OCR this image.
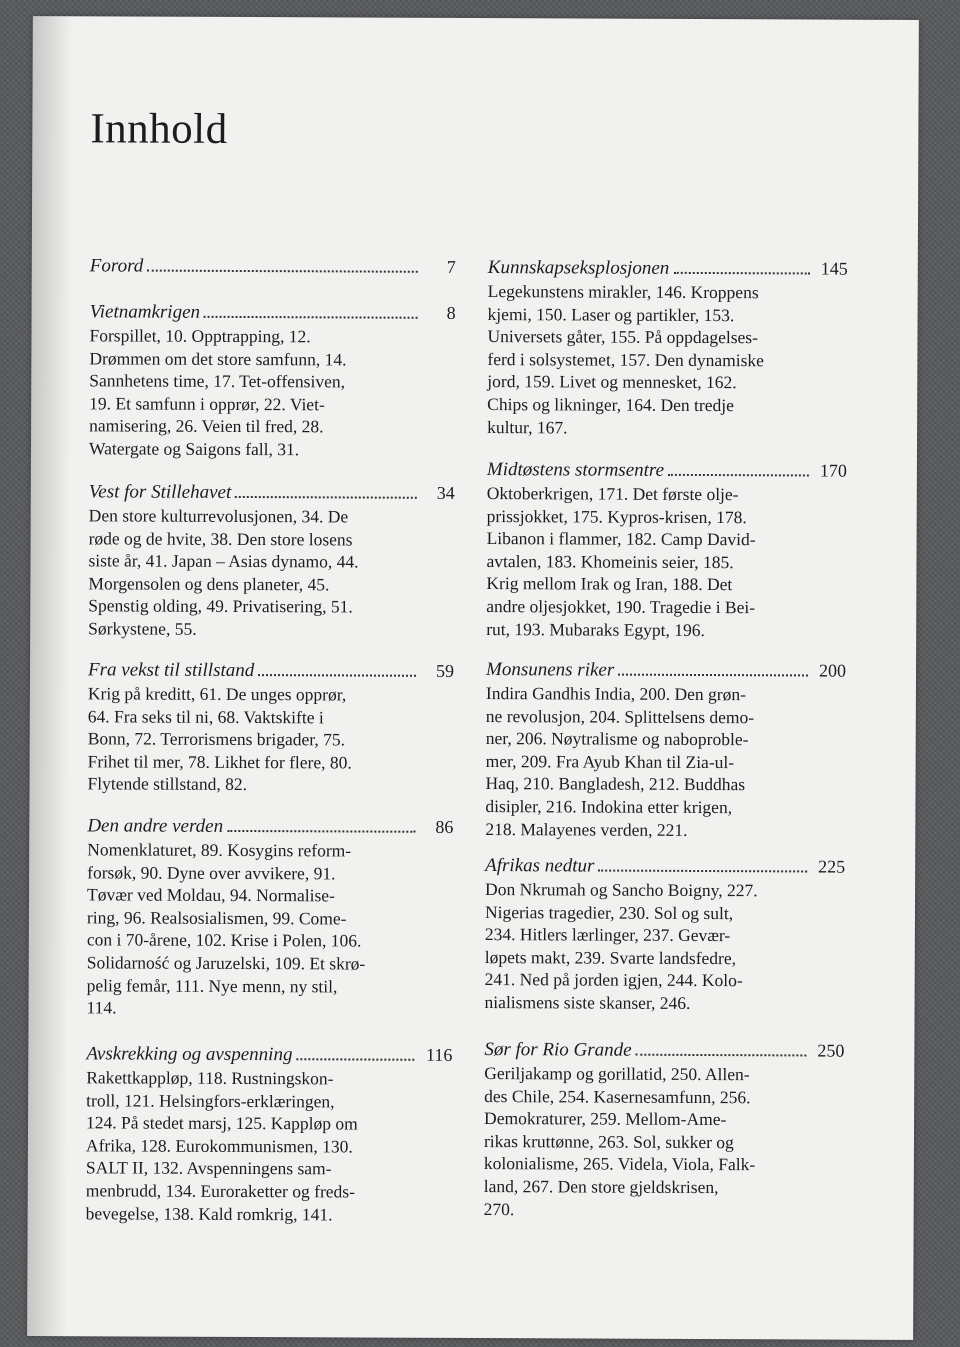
Innhold
Forord	7
Vietnamkrigen	8
Forspillet, 10. Opptrapping, 12.
Drømmen om det store samfunn, 14.
Sannhetens time, 17. Tet-offensiven,
19. Et samfunn i opprør, 22. Viet-
namisering, 26. Veien til fred, 28.
Watergate og Saigons fall, 31.
Vest for Stillehavet	34
Den store kulturrevolusjonen, 34. De
røde og de hvite, 38. Den store losens
siste år, 41. Japan – Asias dynamo, 44.
Morgensolen og dens planeter, 45.
Spenstig olding, 49. Privatisering, 51.
Sørkystene, 55.
Fra vekst til stillstand	59
Krig på kreditt, 61. De unges opprør,
64. Fra seks til ni, 68. Vaktskifte i
Bonn, 72. Terrorismens brigader, 75.
Frihet til mer, 78. Likhet for flere, 80.
Flytende stillstand, 82.
Den andre verden	86
Nomenklaturet, 89. Kosygins reform-
forsøk, 90. Dyne over avvikere, 91.
Tøvær ved Moldau, 94. Normalise-
ring, 96. Realsosialismen, 99. Come-
con i 70-årene, 102. Krise i Polen, 106.
Solidarność og Jaruzelski, 109. Et skrø-
pelig femår, 111. Nye menn, ny stil,
114.
Avskrekking og avspenning	116
Rakettkappløp, 118. Rustningskon-
troll, 121. Helsingfors-erklæringen,
124. På stedet marsj, 125. Kappløp om
Afrika, 128. Eurokommunismen, 130.
SALT II, 132. Avspenningens sam-
menbrudd, 134. Euroraketter og freds-
bevegelse, 138. Kald romkrig, 141.
Kunnskapseksplosjonen	145
Legekunstens mirakler, 146. Kroppens
kjemi, 150. Laser og partikler, 153.
Universets gåter, 155. På oppdagelses-
ferd i solsystemet, 157. Den dynamiske
jord, 159. Livet og mennesket, 162.
Chips og likninger, 164. Den tredje
kultur, 167.
Midtøstens stormsentre	170
Oktoberkrigen, 171. Det første olje-
prissjokket, 175. Kypros-krisen, 178.
Libanon i flammer, 182. Camp David-
avtalen, 183. Khomeinis seier, 185.
Krig mellom Irak og Iran, 188. Det
andre oljesjokket, 190. Tragedie i Bei-
rut, 193. Mubaraks Egypt, 196.
Monsunens riker	200
Indira Gandhis India, 200. Den grøn-
ne revolusjon, 204. Splittelsens demo-
ner, 206. Nøytralisme og naboproble-
mer, 209. Fra Ayub Khan til Zia-ul-
Haq, 210. Bangladesh, 212. Buddhas
disipler, 216. Indokina etter krigen,
218. Malayenes verden, 221.
Afrikas nedtur	225
Don Nkrumah og Sancho Boigny, 227.
Nigerias tragedier, 230. Sol og sult,
234. Hitlers lærlinger, 237. Gevær-
løpets makt, 239. Svarte landsfedre,
241. Ned på jorden igjen, 244. Kolo-
nialismens siste skanser, 246.
Sør for Rio Grande	250
Geriljakamp og gorillatid, 250. Allen-
des Chile, 254. Kasernesamfunn, 256.
Demokraturer, 259. Mellom-Ame-
rikas kruttønne, 263. Sol, sukker og
kolonialisme, 265. Videla, Viola, Falk-
land, 267. Den store gjeldskrisen,
270.
